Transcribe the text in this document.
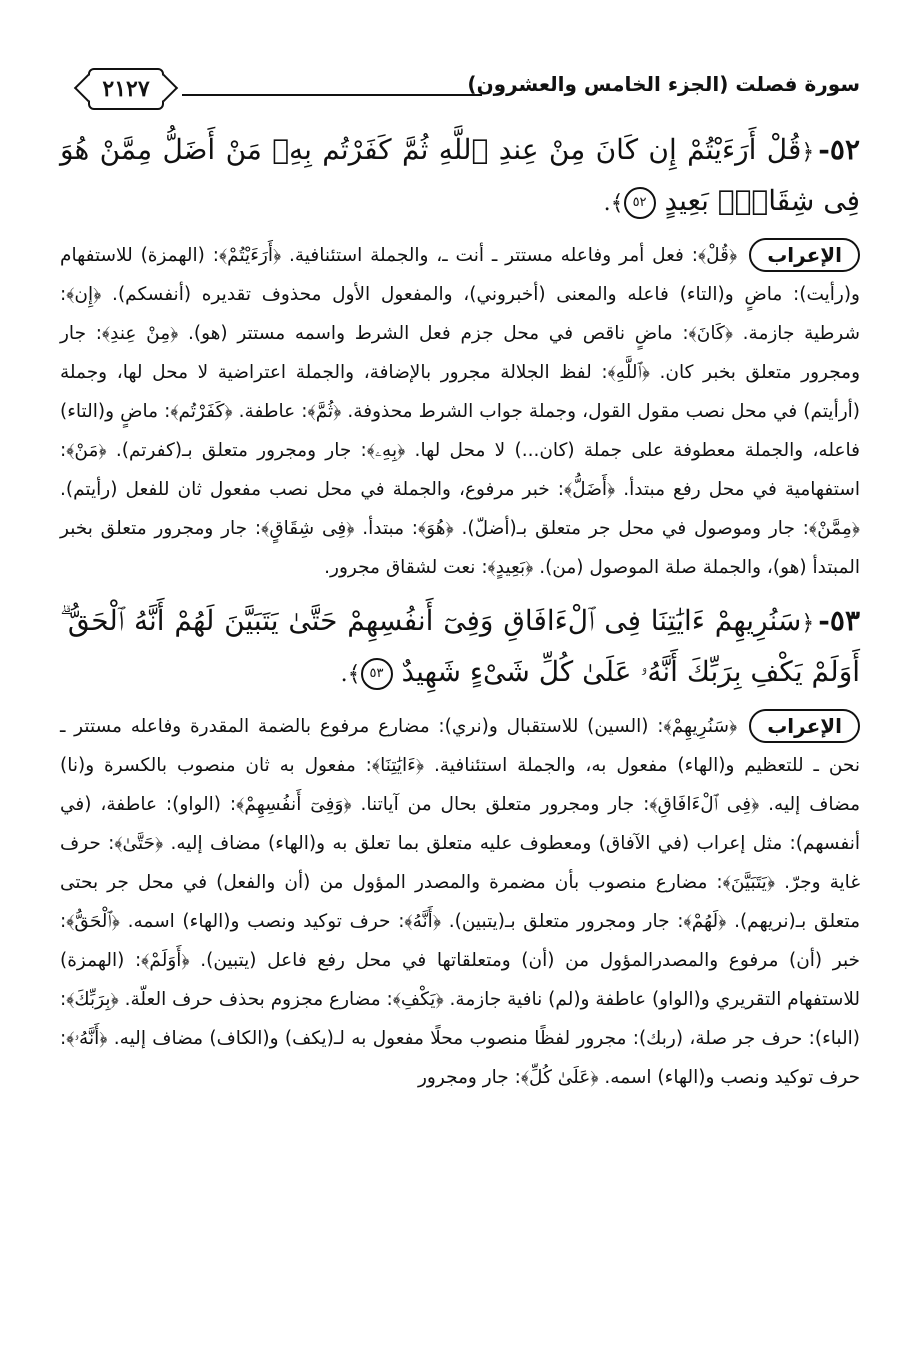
سورة فصلت (الجزء الخامس والعشرون)
٢١٢٧
٥٢-﴿قُلْ أَرَءَيْتُمْ إِن كَانَ مِنْ عِندِ ٱللَّهِ ثُمَّ كَفَرْتُم بِهِۦ مَنْ أَضَلُّ مِمَّنْ هُوَ فِى شِقَاقٍۭ بَعِيدٍ ٥٢﴾.
الإعراب
﴿قُلْ﴾: فعل أمر وفاعله مستتر ـ أنت ـ، والجملة استئنافية. ﴿أَرَءَيْتُمْ﴾: (الهمزة) للاستفهام و(رأيت): ماضٍ و(التاء) فاعله والمعنى (أخبروني)، والمفعول الأول محذوف تقديره (أنفسكم). ﴿إِن﴾: شرطية جازمة. ﴿كَانَ﴾: ماضٍ ناقص في محل جزم فعل الشرط واسمه مستتر (هو). ﴿مِنْ عِندِ﴾: جار ومجرور متعلق بخبر كان. ﴿ٱللَّهِ﴾: لفظ الجلالة مجرور بالإضافة، والجملة اعتراضية لا محل لها، وجملة (أرأيتم) في محل نصب مقول القول، وجملة جواب الشرط محذوفة. ﴿ثُمَّ﴾: عاطفة. ﴿كَفَرْتُم﴾: ماضٍ و(التاء) فاعله، والجملة معطوفة على جملة (كان...) لا محل لها. ﴿بِهِۦ﴾: جار ومجرور متعلق بـ(كفرتم). ﴿مَنْ﴾: استفهامية في محل رفع مبتدأ. ﴿أَضَلُّ﴾: خبر مرفوع، والجملة في محل نصب مفعول ثان للفعل (رأيتم). ﴿مِمَّنْ﴾: جار وموصول في محل جر متعلق بـ(أضلّ). ﴿هُوَ﴾: مبتدأ. ﴿فِى شِقَاقٍ﴾: جار ومجرور متعلق بخبر المبتدأ (هو)، والجملة صلة الموصول (من). ﴿بَعِيدٍ﴾: نعت لشقاق مجرور.
٥٣-﴿سَنُرِيهِمْ ءَايَٰتِنَا فِى ٱلْءَافَاقِ وَفِىٓ أَنفُسِهِمْ حَتَّىٰ يَتَبَيَّنَ لَهُمْ أَنَّهُ ٱلْحَقُّ ۗ أَوَلَمْ يَكْفِ بِرَبِّكَ أَنَّهُۥ عَلَىٰ كُلِّ شَىْءٍ شَهِيدٌ ٥٣﴾.
الإعراب
﴿سَنُرِيهِمْ﴾: (السين) للاستقبال و(نري): مضارع مرفوع بالضمة المقدرة وفاعله مستتر ـ نحن ـ للتعظيم و(الهاء) مفعول به، والجملة استئنافية. ﴿ءَايَٰتِنَا﴾: مفعول به ثان منصوب بالكسرة و(نا) مضاف إليه. ﴿فِى ٱلْءَافَاقِ﴾: جار ومجرور متعلق بحال من آياتنا. ﴿وَفِىٓ أَنفُسِهِمْ﴾: (الواو): عاطفة، (في أنفسهم): مثل إعراب (في الآفاق) ومعطوف عليه متعلق بما تعلق به و(الهاء) مضاف إليه. ﴿حَتَّىٰ﴾: حرف غاية وجرّ. ﴿يَتَبَيَّنَ﴾: مضارع منصوب بأن مضمرة والمصدر المؤول من (أن والفعل) في محل جر بحتى متعلق بـ(نريهم). ﴿لَهُمْ﴾: جار ومجرور متعلق بـ(يتبين). ﴿أَنَّهُ﴾: حرف توكيد ونصب و(الهاء) اسمه. ﴿ٱلْحَقُّ﴾: خبر (أن) مرفوع والمصدرالمؤول من (أن) ومتعلقاتها في محل رفع فاعل (يتبين). ﴿أَوَلَمْ﴾: (الهمزة) للاستفهام التقريري و(الواو) عاطفة و(لم) نافية جازمة. ﴿يَكْفِ﴾: مضارع مجزوم بحذف حرف العلّة. ﴿بِرَبِّكَ﴾: (الباء): حرف جر صلة، (ربك): مجرور لفظًا منصوب محلًا مفعول به لـ(يكف) و(الكاف) مضاف إليه. ﴿أَنَّهُۥ﴾: حرف توكيد ونصب و(الهاء) اسمه. ﴿عَلَىٰ كُلِّ﴾: جار ومجرور
